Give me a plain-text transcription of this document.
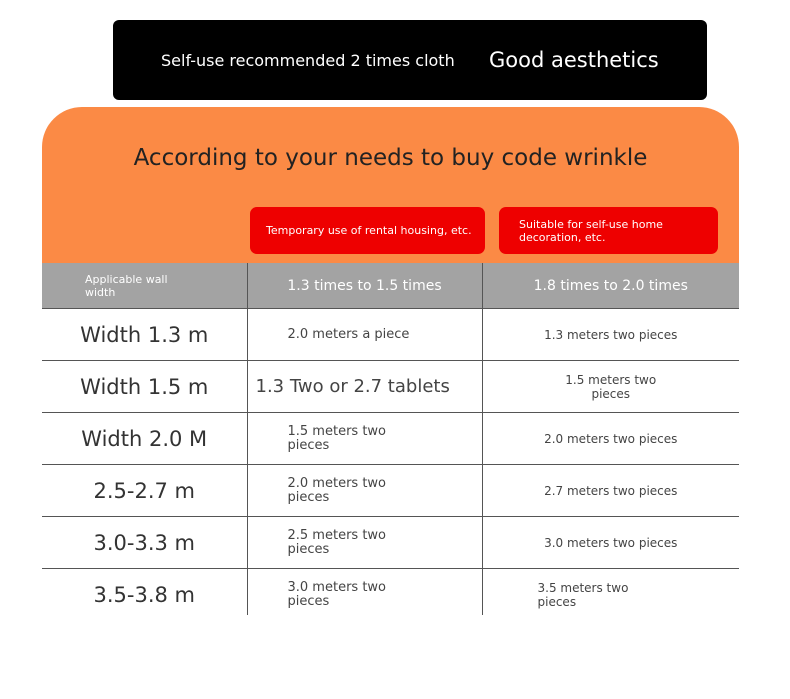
Self-use recommended 2 times cloth Good aesthetics
According to your needs to buy code wrinkle
Temporary use of rental housing, etc.	Suitable for self-use home decoration, etc.
Applicable wall width	1.3 times to 1.5 times	1.8 times to 2.0 times
Width 1.3 m	2.0 meters a piece	1.3 meters two pieces
Width 1.5 m	1.3 Two or 2.7 tablets	1.5 meters two pieces
Width 2.0 M	1.5 meters two pieces	2.0 meters two pieces
2.5-2.7 m	2.0 meters two pieces	2.7 meters two pieces
3.0-3.3 m	2.5 meters two pieces	3.0 meters two pieces
3.5-3.8 m	3.0 meters two pieces	3.5 meters two pieces
